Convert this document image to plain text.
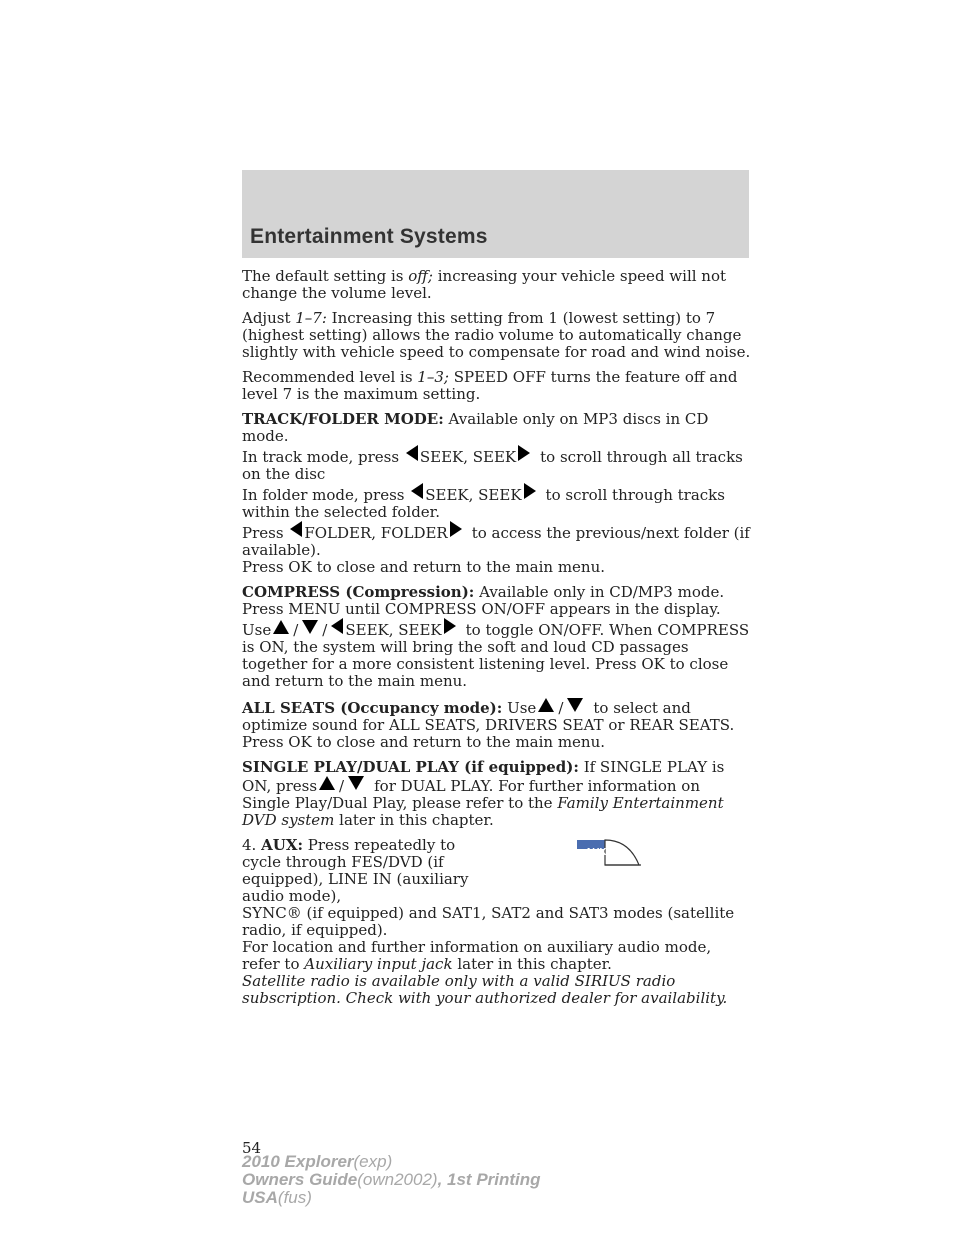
Entertainment Systems

The default setting is off; increasing your vehicle speed will not change the volume level.

Adjust 1–7: Increasing this setting from 1 (lowest setting) to 7 (highest setting) allows the radio volume to automatically change slightly with vehicle speed to compensate for road and wind noise.

Recommended level is 1–3; SPEED OFF turns the feature off and level 7 is the maximum setting.

TRACK/FOLDER MODE: Available only on MP3 discs in CD mode.
In track mode, press SEEK, SEEK to scroll through all tracks on the disc
In folder mode, press SEEK, SEEK to scroll through tracks within the selected folder.
Press FOLDER, FOLDER to access the previous/next folder (if available).
Press OK to close and return to the main menu.

COMPRESS (Compression): Available only in CD/MP3 mode. Press MENU until COMPRESS ON/OFF appears in the display.
Use / / SEEK, SEEK to toggle ON/OFF. When COMPRESS is ON, the system will bring the soft and loud CD passages together for a more consistent listening level. Press OK to close and return to the main menu.

ALL SEATS (Occupancy mode): Use / to select and optimize sound for ALL SEATS, DRIVERS SEAT or REAR SEATS. Press OK to close and return to the main menu.

SINGLE PLAY/DUAL PLAY (if equipped): If SINGLE PLAY is ON, press / for DUAL PLAY. For further information on Single Play/Dual Play, please refer to the Family Entertainment DVD system later in this chapter.

4. AUX: Press repeatedly to cycle through FES/DVD (if equipped), LINE IN (auxiliary audio mode),
AUX

SYNC® (if equipped) and SAT1, SAT2 and SAT3 modes (satellite radio, if equipped).

For location and further information on auxiliary audio mode, refer to Auxiliary input jack later in this chapter.

Satellite radio is available only with a valid SIRIUS radio subscription. Check with your authorized dealer for availability.

54
2010 Explorer(exp)
Owners Guide(own2002), 1st Printing
USA(fus)
